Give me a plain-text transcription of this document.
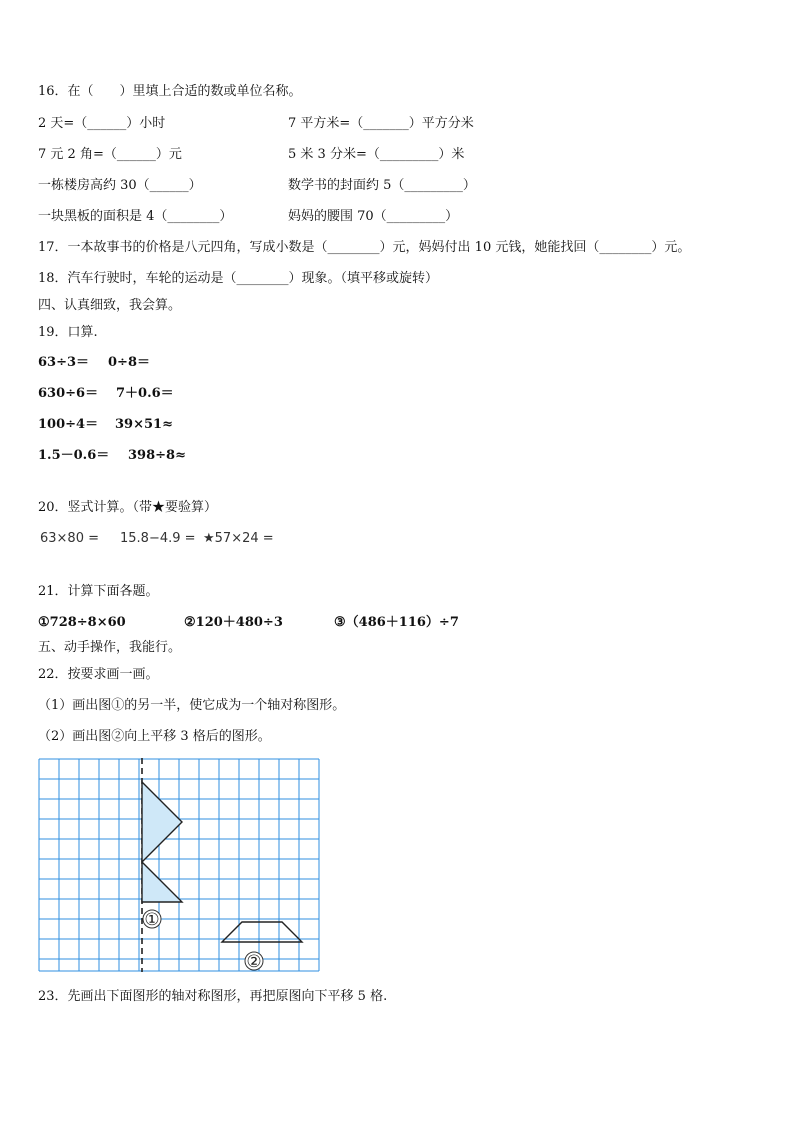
16．在（　　）里填上合适的数或单位名称。
2 天=（______）小时	7 平方米=（_______）平方分米
7 元 2 角=（______）元	5 米 3 分米=（_________）米
一栋楼房高约 30（______）	数学书的封面约 5（_________）
一块黑板的面积是 4（________）	妈妈的腰围 70（_________）
17．一本故事书的价格是八元四角，写成小数是（________）元，妈妈付出 10 元钱，她能找回（________）元。
18．汽车行驶时，车轮的运动是（________）现象。（填平移或旋转）
四、认真细致，我会算。
19．口算.
63÷3＝ 0÷8＝
630÷6＝ 7＋0.6＝
100÷4＝ 39×51≈
1.5－0.6＝ 398÷8≈
20．竖式计算。（带★要验算）
63×80 = 15.8−4.9 = ★57×24 =
21．计算下面各题。
①728÷8×60	②120＋480÷3	③（486＋116）÷7
五、动手操作，我能行。
22．按要求画一画。
（1）画出图①的另一半，使它成为一个轴对称图形。
（2）画出图②向上平移 3 格后的图形。
①
②
23．先画出下面图形的轴对称图形，再把原图向下平移 5 格.
